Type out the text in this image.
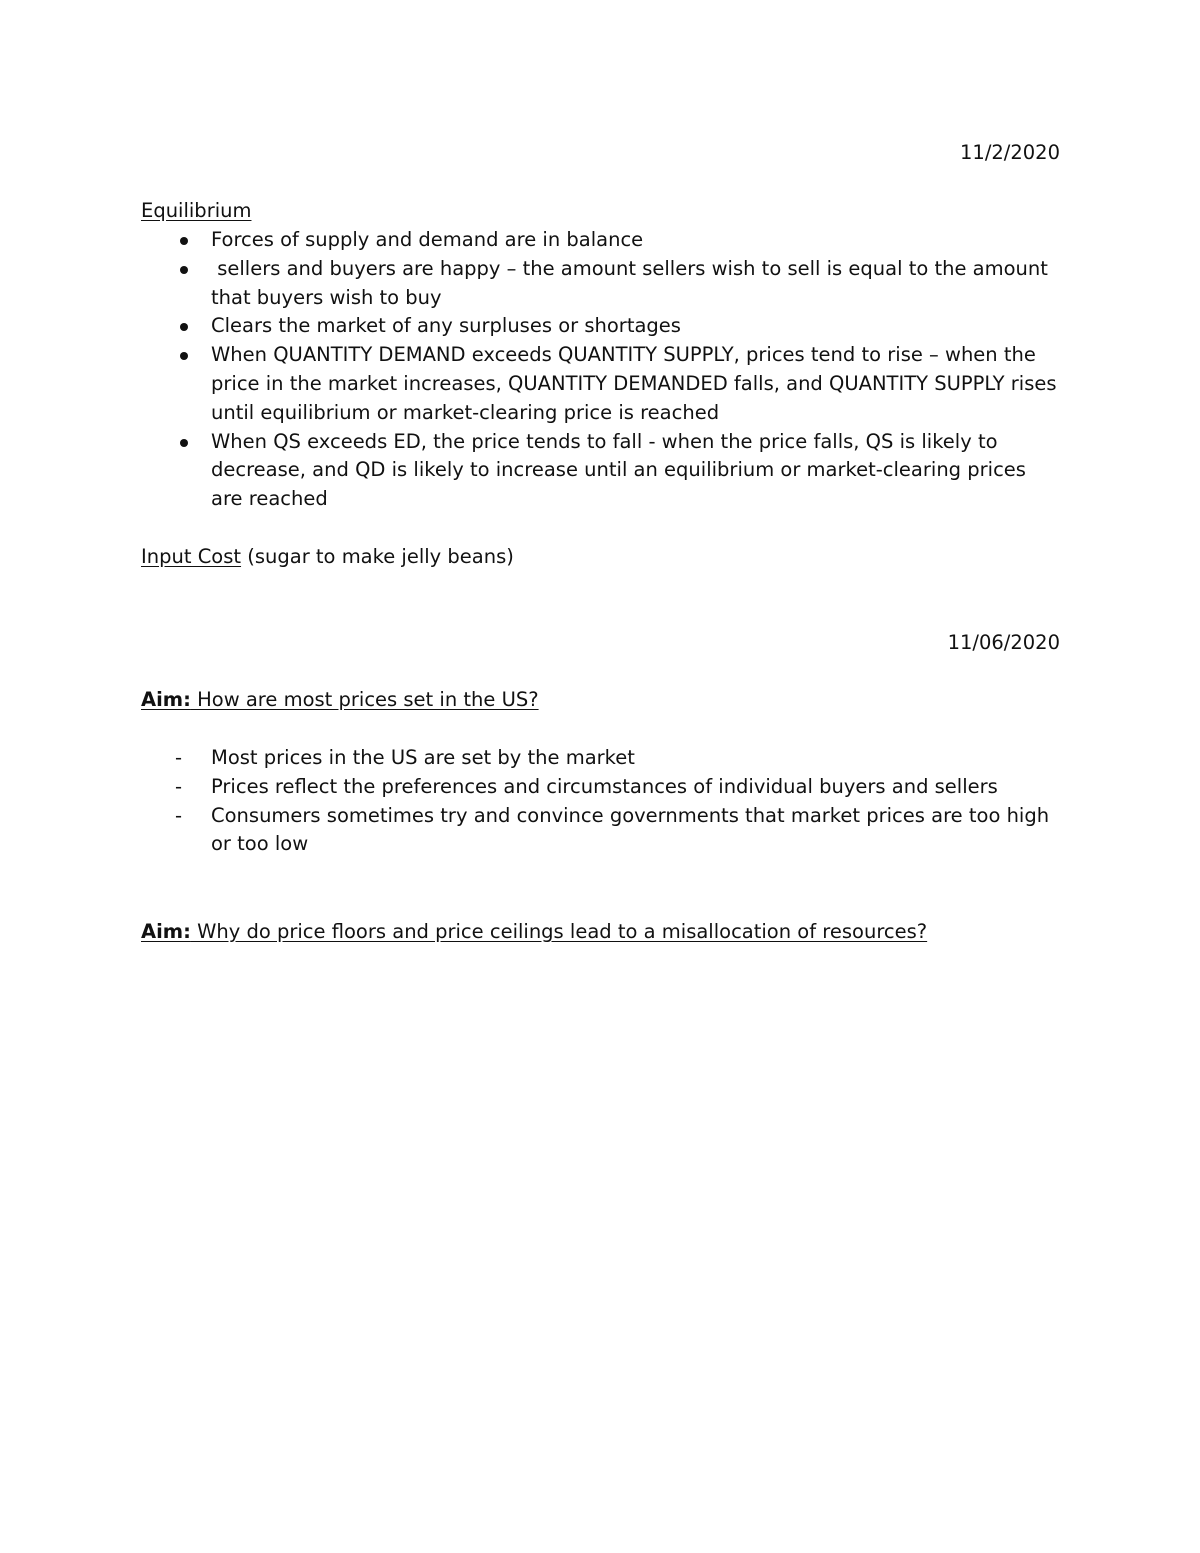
11/2/2020
Equilibrium
Forces of supply and demand are in balance
sellers and buyers are happy – the amount sellers wish to sell is equal to the amount that buyers wish to buy
Clears the market of any surpluses or shortages
When QUANTITY DEMAND exceeds QUANTITY SUPPLY, prices tend to rise – when the price in the market increases, QUANTITY DEMANDED falls, and QUANTITY SUPPLY rises until equilibrium or market-clearing price is reached
When QS exceeds ED, the price tends to fall - when the price falls, QS is likely to decrease, and QD is likely to increase until an equilibrium or market-clearing prices are reached
Input Cost (sugar to make jelly beans)
11/06/2020
Aim: How are most prices set in the US?
- Most prices in the US are set by the market
- Prices reflect the preferences and circumstances of individual buyers and sellers
- Consumers sometimes try and convince governments that market prices are too high or too low
Aim: Why do price floors and price ceilings lead to a misallocation of resources?
